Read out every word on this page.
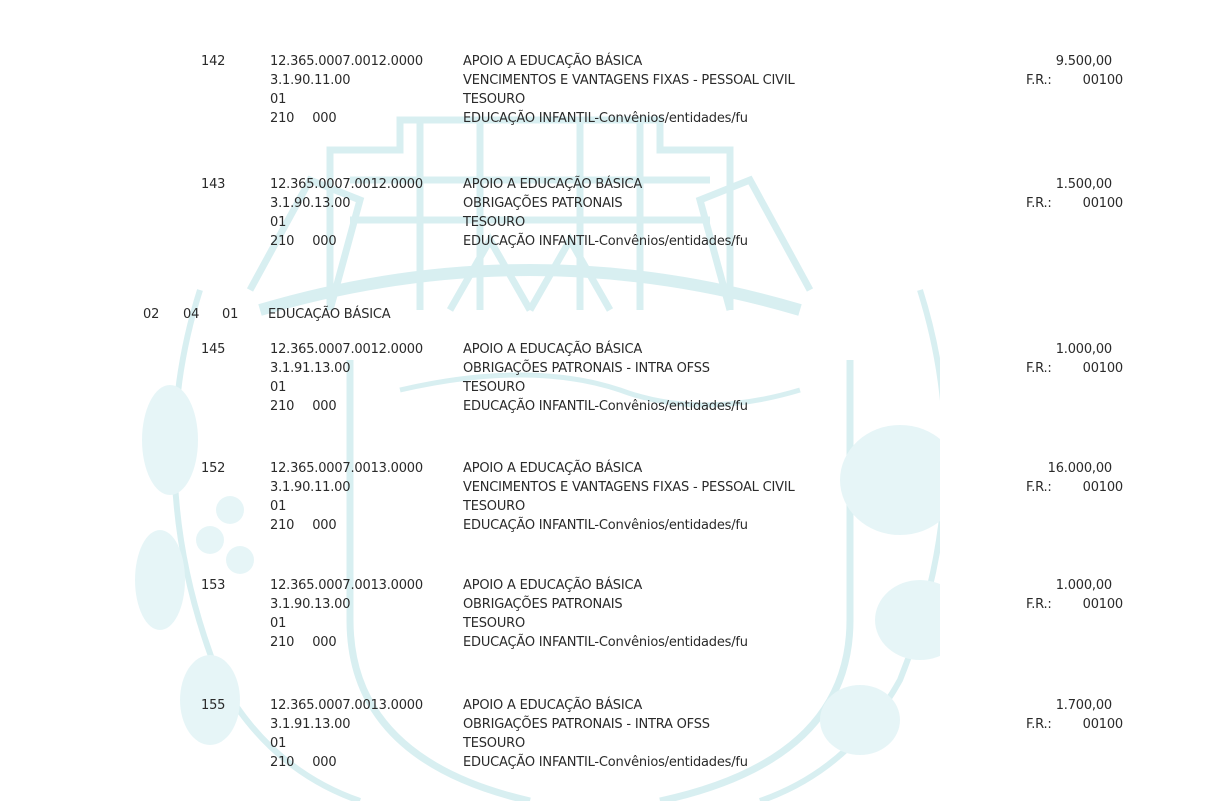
142	12.365.0007.0012.0000	APOIO A EDUCAÇÃO BÁSICA	9.500,00
3.1.90.11.00	VENCIMENTOS E VANTAGENS FIXAS - PESSOAL CIVIL	F.R.: 00100
01	TESOURO
210 000	EDUCAÇÃO INFANTIL-Convênios/entidades/fu
143	12.365.0007.0012.0000	APOIO A EDUCAÇÃO BÁSICA	1.500,00
3.1.90.13.00	OBRIGAÇÕES PATRONAIS	F.R.: 00100
01	TESOURO
210 000	EDUCAÇÃO INFANTIL-Convênios/entidades/fu
02 04 01 EDUCAÇÃO BÁSICA
145	12.365.0007.0012.0000	APOIO A EDUCAÇÃO BÁSICA	1.000,00
3.1.91.13.00	OBRIGAÇÕES PATRONAIS - INTRA OFSS	F.R.: 00100
01	TESOURO
210 000	EDUCAÇÃO INFANTIL-Convênios/entidades/fu
152	12.365.0007.0013.0000	APOIO A EDUCAÇÃO BÁSICA	16.000,00
3.1.90.11.00	VENCIMENTOS E VANTAGENS FIXAS - PESSOAL CIVIL	F.R.: 00100
01	TESOURO
210 000	EDUCAÇÃO INFANTIL-Convênios/entidades/fu
153	12.365.0007.0013.0000	APOIO A EDUCAÇÃO BÁSICA	1.000,00
3.1.90.13.00	OBRIGAÇÕES PATRONAIS	F.R.: 00100
01	TESOURO
210 000	EDUCAÇÃO INFANTIL-Convênios/entidades/fu
155	12.365.0007.0013.0000	APOIO A EDUCAÇÃO BÁSICA	1.700,00
3.1.91.13.00	OBRIGAÇÕES PATRONAIS - INTRA OFSS	F.R.: 00100
01	TESOURO
210 000	EDUCAÇÃO INFANTIL-Convênios/entidades/fu
